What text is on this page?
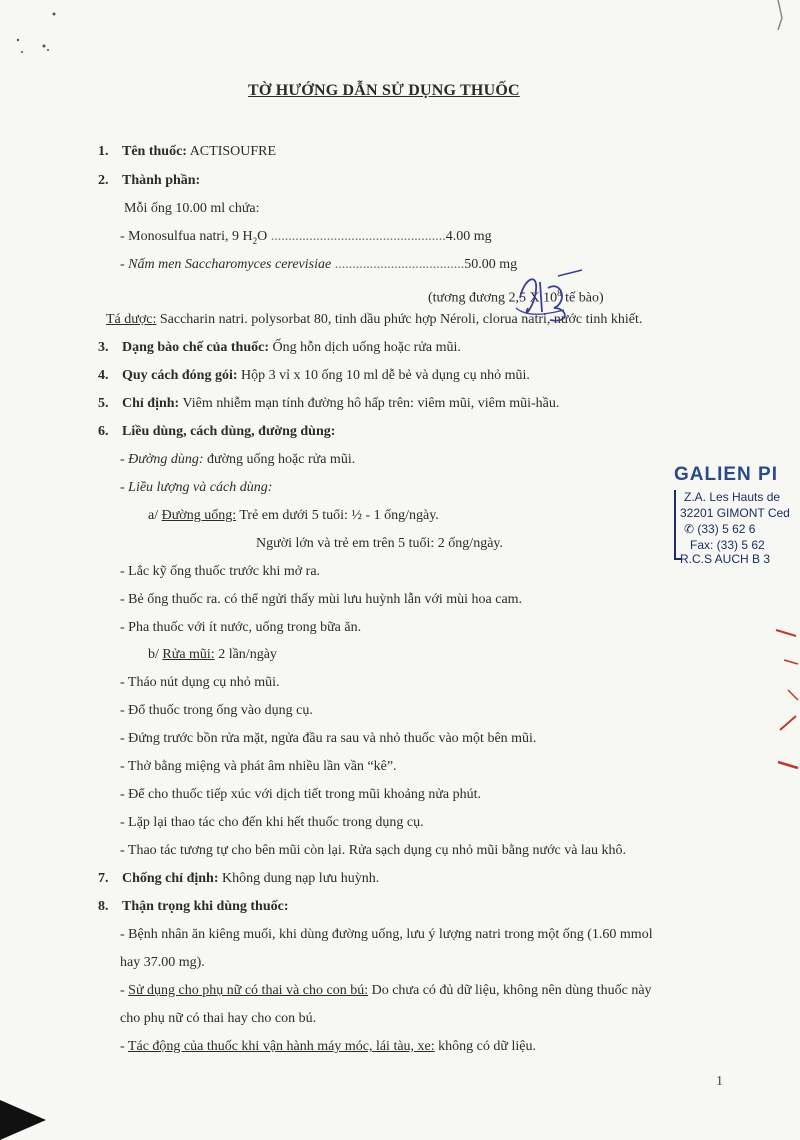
TỜ HƯỚNG DẪN SỬ DỤNG THUỐC
1. Tên thuốc: ACTISOUFRE
2. Thành phần:
Mỗi ống 10.00 ml chứa:
- Monosulfua natri, 9 $H_2O$ ..................................................4.00 mg
- Nấm men Saccharomyces cerevisiae .....................................50.00 mg
(tương đương 2,5 X $10^8$ tế bào)
Tá dược: Saccharin natri. polysorbat 80, tinh dầu phức hợp Néroli, clorua natri, nước tinh khiết.
3. Dạng bào chế của thuốc: Ống hỗn dịch uống hoặc rửa mũi.
4. Quy cách đóng gói: Hộp 3 vỉ x 10 ống 10 ml dễ bẻ và dụng cụ nhỏ mũi.
5. Chỉ định: Viêm nhiễm mạn tính đường hô hấp trên: viêm mũi, viêm mũi-hầu.
6. Liều dùng, cách dùng, đường dùng:
- Đường dùng: đường uống hoặc rửa mũi.
- Liều lượng và cách dùng:
a/ Đường uống: Trẻ em dưới 5 tuổi: ½ - 1 ống/ngày.
Người lớn và trẻ em trên 5 tuổi: 2 ống/ngày.
- Lắc kỹ ống thuốc trước khi mở ra.
- Bẻ ống thuốc ra. có thể ngửi thấy mùi lưu huỳnh lẫn với mùi hoa cam.
- Pha thuốc với ít nước, uống trong bữa ăn.
b/ Rửa mũi: 2 lần/ngày
- Tháo nút dụng cụ nhỏ mũi.
- Đổ thuốc trong ống vào dụng cụ.
- Đứng trước bồn rửa mặt, ngửa đầu ra sau và nhỏ thuốc vào một bên mũi.
- Thở bằng miệng và phát âm nhiều lần vần “kê”.
- Để cho thuốc tiếp xúc với dịch tiết trong mũi khoảng nửa phút.
- Lặp lại thao tác cho đến khi hết thuốc trong dụng cụ.
- Thao tác tương tự cho bên mũi còn lại. Rửa sạch dụng cụ nhỏ mũi bằng nước và lau khô.
7. Chống chỉ định: Không dung nạp lưu huỳnh.
8. Thận trọng khi dùng thuốc:
- Bệnh nhân ăn kiêng muối, khi dùng đường uống, lưu ý lượng natri trong một ống (1.60 mmol
hay 37.00 mg).
- Sử dụng cho phụ nữ có thai và cho con bú: Do chưa có đủ dữ liệu, không nên dùng thuốc này
cho phụ nữ có thai hay cho con bú.
- Tác động của thuốc khi vận hành máy móc, lái tàu, xe: không có dữ liệu.
GALIEN PI
Z.A. Les Hauts de
32201 GIMONT Ced
✆ (33) 5 62 6
Fax: (33) 5 62
R.C.S AUCH B 3
1
